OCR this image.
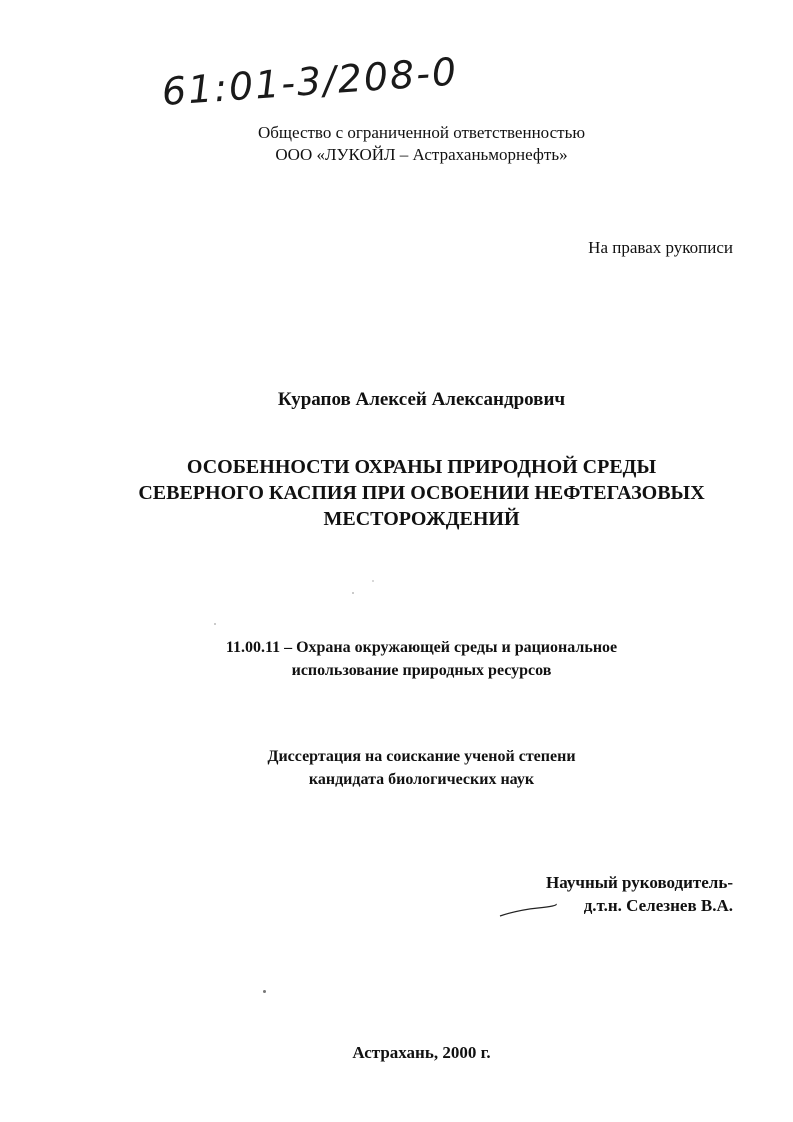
61:01-3/208-0
Общество с ограниченной ответственностью
ООО «ЛУКОЙЛ – Астраханьморнефть»
На правах рукописи
Курапов Алексей Александрович
ОСОБЕННОСТИ ОХРАНЫ ПРИРОДНОЙ СРЕДЫ
СЕВЕРНОГО КАСПИЯ ПРИ ОСВОЕНИИ НЕФТЕГАЗОВЫХ
МЕСТОРОЖДЕНИЙ
11.00.11 – Охрана окружающей среды и рациональное
использование природных ресурсов
Диссертация на соискание ученой степени
кандидата биологических наук
Научный руководитель-
д.т.н. Селезнев В.А.
Астрахань, 2000 г.
